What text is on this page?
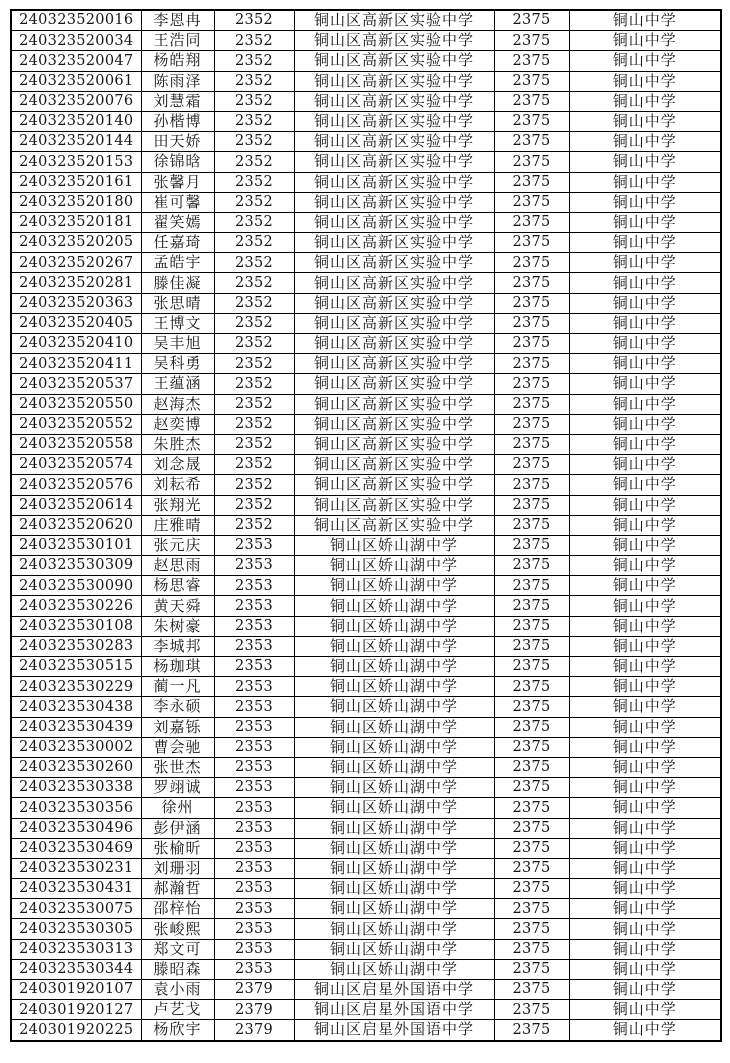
240323520016	李恩冉	2352	铜山区高新区实验中学	2375	铜山中学
240323520034	王浩同	2352	铜山区高新区实验中学	2375	铜山中学
240323520047	杨皓翔	2352	铜山区高新区实验中学	2375	铜山中学
240323520061	陈雨泽	2352	铜山区高新区实验中学	2375	铜山中学
240323520076	刘慧霜	2352	铜山区高新区实验中学	2375	铜山中学
240323520140	孙楷博	2352	铜山区高新区实验中学	2375	铜山中学
240323520144	田天娇	2352	铜山区高新区实验中学	2375	铜山中学
240323520153	徐锦晗	2352	铜山区高新区实验中学	2375	铜山中学
240323520161	张馨月	2352	铜山区高新区实验中学	2375	铜山中学
240323520180	崔可馨	2352	铜山区高新区实验中学	2375	铜山中学
240323520181	翟笑嫣	2352	铜山区高新区实验中学	2375	铜山中学
240323520205	任嘉琦	2352	铜山区高新区实验中学	2375	铜山中学
240323520267	孟皓宇	2352	铜山区高新区实验中学	2375	铜山中学
240323520281	滕佳凝	2352	铜山区高新区实验中学	2375	铜山中学
240323520363	张思晴	2352	铜山区高新区实验中学	2375	铜山中学
240323520405	王博文	2352	铜山区高新区实验中学	2375	铜山中学
240323520410	吴丰旭	2352	铜山区高新区实验中学	2375	铜山中学
240323520411	吴科勇	2352	铜山区高新区实验中学	2375	铜山中学
240323520537	王蕴涵	2352	铜山区高新区实验中学	2375	铜山中学
240323520550	赵海杰	2352	铜山区高新区实验中学	2375	铜山中学
240323520552	赵奕博	2352	铜山区高新区实验中学	2375	铜山中学
240323520558	朱胜杰	2352	铜山区高新区实验中学	2375	铜山中学
240323520574	刘念晟	2352	铜山区高新区实验中学	2375	铜山中学
240323520576	刘耘希	2352	铜山区高新区实验中学	2375	铜山中学
240323520614	张翔光	2352	铜山区高新区实验中学	2375	铜山中学
240323520620	庄雅晴	2352	铜山区高新区实验中学	2375	铜山中学
240323530101	张元庆	2353	铜山区娇山湖中学	2375	铜山中学
240323530309	赵思雨	2353	铜山区娇山湖中学	2375	铜山中学
240323530090	杨思睿	2353	铜山区娇山湖中学	2375	铜山中学
240323530226	黄天舜	2353	铜山区娇山湖中学	2375	铜山中学
240323530108	朱树豪	2353	铜山区娇山湖中学	2375	铜山中学
240323530283	李城邦	2353	铜山区娇山湖中学	2375	铜山中学
240323530515	杨珈琪	2353	铜山区娇山湖中学	2375	铜山中学
240323530229	蔺一凡	2353	铜山区娇山湖中学	2375	铜山中学
240323530438	李永硕	2353	铜山区娇山湖中学	2375	铜山中学
240323530439	刘嘉铄	2353	铜山区娇山湖中学	2375	铜山中学
240323530002	曹会驰	2353	铜山区娇山湖中学	2375	铜山中学
240323530260	张世杰	2353	铜山区娇山湖中学	2375	铜山中学
240323530338	罗翊诚	2353	铜山区娇山湖中学	2375	铜山中学
240323530356	徐州	2353	铜山区娇山湖中学	2375	铜山中学
240323530496	彭伊涵	2353	铜山区娇山湖中学	2375	铜山中学
240323530469	张榆昕	2353	铜山区娇山湖中学	2375	铜山中学
240323530231	刘珊羽	2353	铜山区娇山湖中学	2375	铜山中学
240323530431	郝瀚哲	2353	铜山区娇山湖中学	2375	铜山中学
240323530075	邵梓怡	2353	铜山区娇山湖中学	2375	铜山中学
240323530305	张峻熙	2353	铜山区娇山湖中学	2375	铜山中学
240323530313	郑文可	2353	铜山区娇山湖中学	2375	铜山中学
240323530344	滕昭森	2353	铜山区娇山湖中学	2375	铜山中学
240301920107	袁小雨	2379	铜山区启星外国语中学	2375	铜山中学
240301920127	卢艺戈	2379	铜山区启星外国语中学	2375	铜山中学
240301920225	杨欣宇	2379	铜山区启星外国语中学	2375	铜山中学
